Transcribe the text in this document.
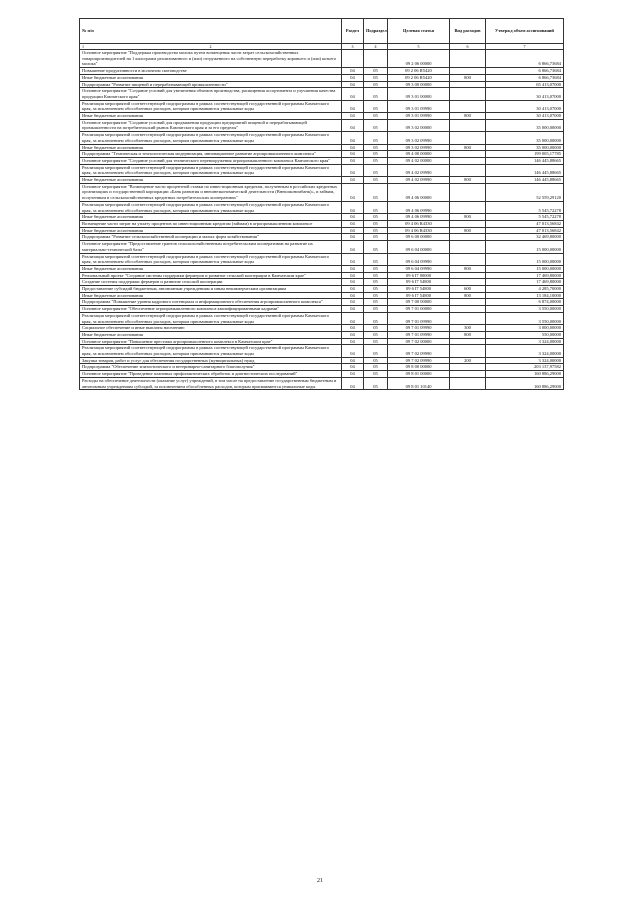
№ п/п	Раздел	Подраздел	Целевая статья	Вид расходов	Утвержд объем ассигнований

1 2	3	4	5	6	7
Основное мероприятие "Поддержка производства молока путем возмещения части затрат сельскохозяйственных товаропроизводителей на 1 килограмм реализованного и (или) отгруженного на собственную переработку коровьего и (или) козьего молока"			09 2 06 00000		6 866,73684
Повышение продуктивности в молочном скотоводстве	04	05	09 2 06 R5420		6 866,73684
Иные бюджетные ассигнования	04	05	09 2 06 R5420	800	6 866,73684
Подпрограмма "Развитие пищевой и перерабатывающей промышленности"	04	05	09 3 00 00000		65 413,07000
Основное мероприятие "Создание условий для увеличения объемов производства, расширения ассортимента и улучшения качества продукции Камчатского края"	04	05	09 3 01 00000		30 413,07000
Реализация мероприятий соответствующей подпрограммы в рамках соответствующей государственной программы Камчатского края, за исключением обособленных расходов, которым присваиваются уникальные коды	04	05	09 3 01 09990		30 413,07000
Иные бюджетные ассигнования	04	05	09 3 01 09990	800	30 413,07000
Основное мероприятие "Создание условий для продвижения продукции предприятий пищевой и перерабатывающей промышленности на потребительский рынок Камчатского края и за его пределы"	04	05	09 3 02 00000		35 000,00000
Реализация мероприятий соответствующей подпрограммы в рамках соответствующей государственной программы Камчатского края, за исключением обособленных расходов, которым присваиваются уникальные коды	04	05	09 3 02 09990		35 000,00000
Иные бюджетные ассигнования	04	05	09 3 02 09990	800	35 000,00000
Подпрограмма "Техническая и технологическая модернизация, инновационное развитие агропромышленного комплекса"	04	05	09 4 00 00000		199 005,17785
Основное мероприятие "Создание условий для технического перевооружения агропромышленного комплекса Камчатского края"	04	05	09 4 02 00000		146 445,88665
Реализация мероприятий соответствующей подпрограммы в рамках соответствующей государственной программы Камчатского края, за исключением обособленных расходов, которым присваиваются уникальные коды	04	05	09 4 02 09990		146 445,88665
Иные бюджетные ассигнования	04	05	09 4 02 09990	800	146 445,88665
Основное мероприятие "Возмещение части процентной ставки по инвестиционным кредитам, полученным в российских кредитных организациях и государственной корпорации «Банк развития и внешнеэкономической деятельности (Внешэкономбанк)», и займам, полученным в сельскохозяйственных кредитных потребительских кооперативах"	04	05	09 4 06 00000		52 559,29120
Реализация мероприятий соответствующей подпрограммы в рамках соответствующей государственной программы Камчатского края, за исключением обособленных расходов, которым присваиваются уникальные коды	04	05	09 4 06 09990		5 545,72278
Иные бюджетные ассигнования	04	05	09 4 06 09990	800	5 545,72278
Возмещение части затрат на уплату процентов по инвестиционным кредитам (займам) в агропромышленном комплексе	04	05	09 4 06 R4330		47 013,56842
Иные бюджетные ассигнования	04	05	09 4 06 R4330	800	47 013,56842
Подпрограмма "Развитие сельскохозяйственной кооперации и малых форм хозяйствования"	04	05	09 6 00 00000		32 469,80000
Основное мероприятие "Предоставление грантов сельскохозяйственным потребительским кооперативам на развитие их материально-технической базы"	04	05	09 6 04 00000		15 000,00000
Реализация мероприятий соответствующей подпрограммы в рамках соответствующей государственной программы Камчатского края, за исключением обособленных расходов, которым присваиваются уникальные коды	04	05	09 6 04 09990		15 000,00000
Иные бюджетные ассигнования	04	05	09 6 04 09990	800	15 000,00000
Региональный проект "Создание системы поддержки фермеров и развитие сельской кооперации в Камчатском крае"	04	05	09 6 I7 00000		17 469,80000
Создание системы поддержки фермеров и развитие сельской кооперации	04	05	09 6 I7 54800		17 469,80000
Предоставление субсидий бюджетным, автономным учреждениям и иным некоммерческим организациям	04	05	09 6 I7 54800	600	4 285,70000
Иные бюджетные ассигнования	04	05	09 6 I7 54800	800	13 184,10000
Подпрограмма "Повышение уровня кадрового потенциала и информационного обеспечения агропромышленного комплекса"	04	05	09 7 00 00000		6 874,00000
Основное мероприятие "Обеспечение агропромышленного комплекса квалифицированными кадрами"	04	05	09 7 01 00000		3 550,00000
Реализация мероприятий соответствующей подпрограммы в рамках соответствующей государственной программы Камчатского края, за исключением обособленных расходов, которым присваиваются уникальные коды	04	05	09 7 01 09990		3 550,00000
Социальное обеспечение и иные выплаты населению	04	05	09 7 01 09990	300	3 000,00000
Иные бюджетные ассигнования	04	05	09 7 01 09990	800	550,00000
Основное мероприятие "Повышение престижа агропромышленного комплекса в Камчатском крае"	04	05	09 7 02 00000		3 324,00000
Реализация мероприятий соответствующей подпрограммы в рамках соответствующей государственной программы Камчатского края, за исключением обособленных расходов, которым присваиваются уникальные коды	04	05	09 7 02 09990		3 324,00000
Закупка товаров, работ и услуг для обеспечения государственных (муниципальных) нужд	04	05	09 7 02 09990	200	3 324,00000
Подпрограмма "Обеспечение эпизоотического и ветеринарно-санитарного благополучия"	04	05	09 8 00 00000		203 137,97582
Основное мероприятие "Проведение плановых профилактических обработок и диагностических исследований"	04	05	09 8 01 00000		160 886,29000
Расходы на обеспечение деятельности (оказание услуг) учреждений, в том числе на предоставление государственным бюджетным и автономным учреждениям субсидий, за исключением обособленных расходов, которым присваиваются уникальные коды	04	05	09 8 01 10140		160 886,29000
21
